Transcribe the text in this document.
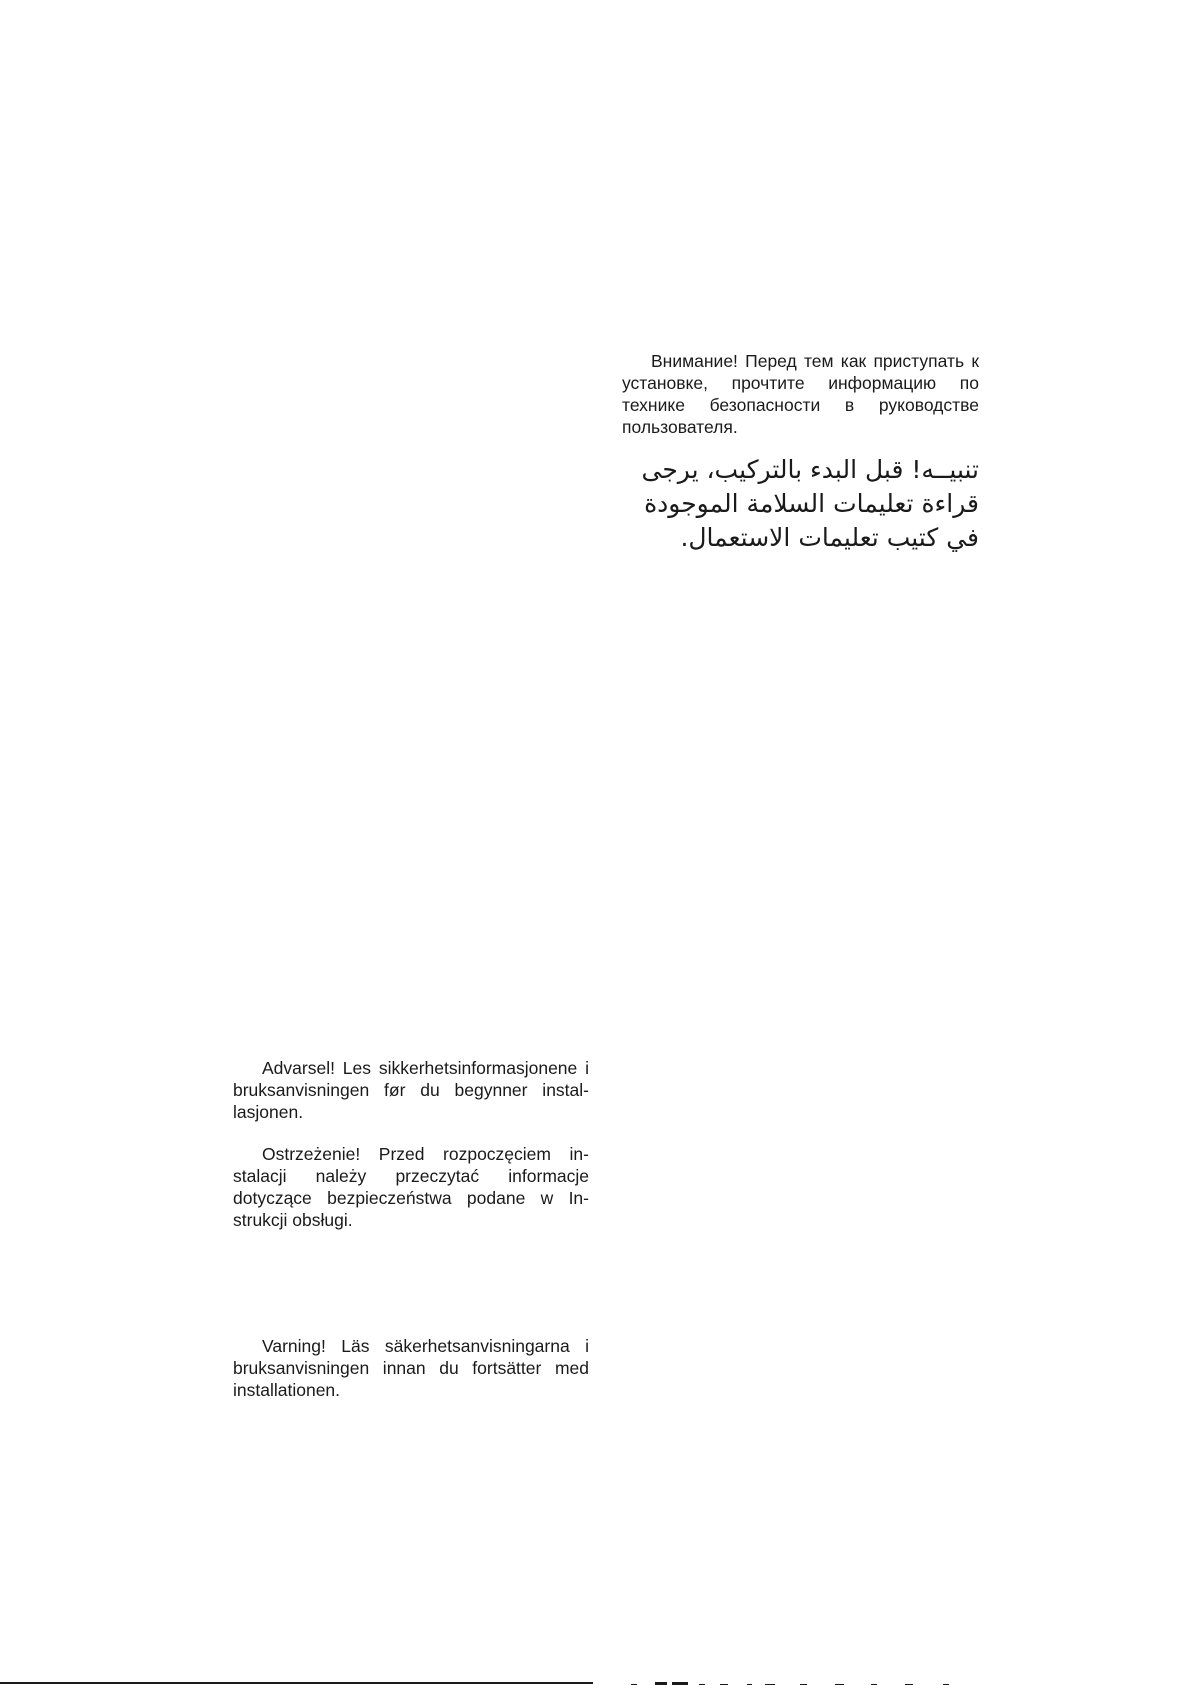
Внимание! Перед тем как приступать к установке, прочтите информацию по технике безопасности в руководстве пользователя.
تنبيــه! قبل البدء بالتركيب، يرجى قراءة تعليمات السلامة الموجودة في كتيب تعليمات الاستعمال.
Advarsel! Les sikkerhetsinformasjonene i bruksanvisningen før du begynner instal-lasjonen.
Ostrzeżenie! Przed rozpoczęciem in-stalacji należy przeczytać informacje dotyczące bezpieczeństwa podane w In-strukcji obsługi.
Varning! Läs säkerhetsanvisningarna i bruksanvisningen innan du fortsätter med installationen.
